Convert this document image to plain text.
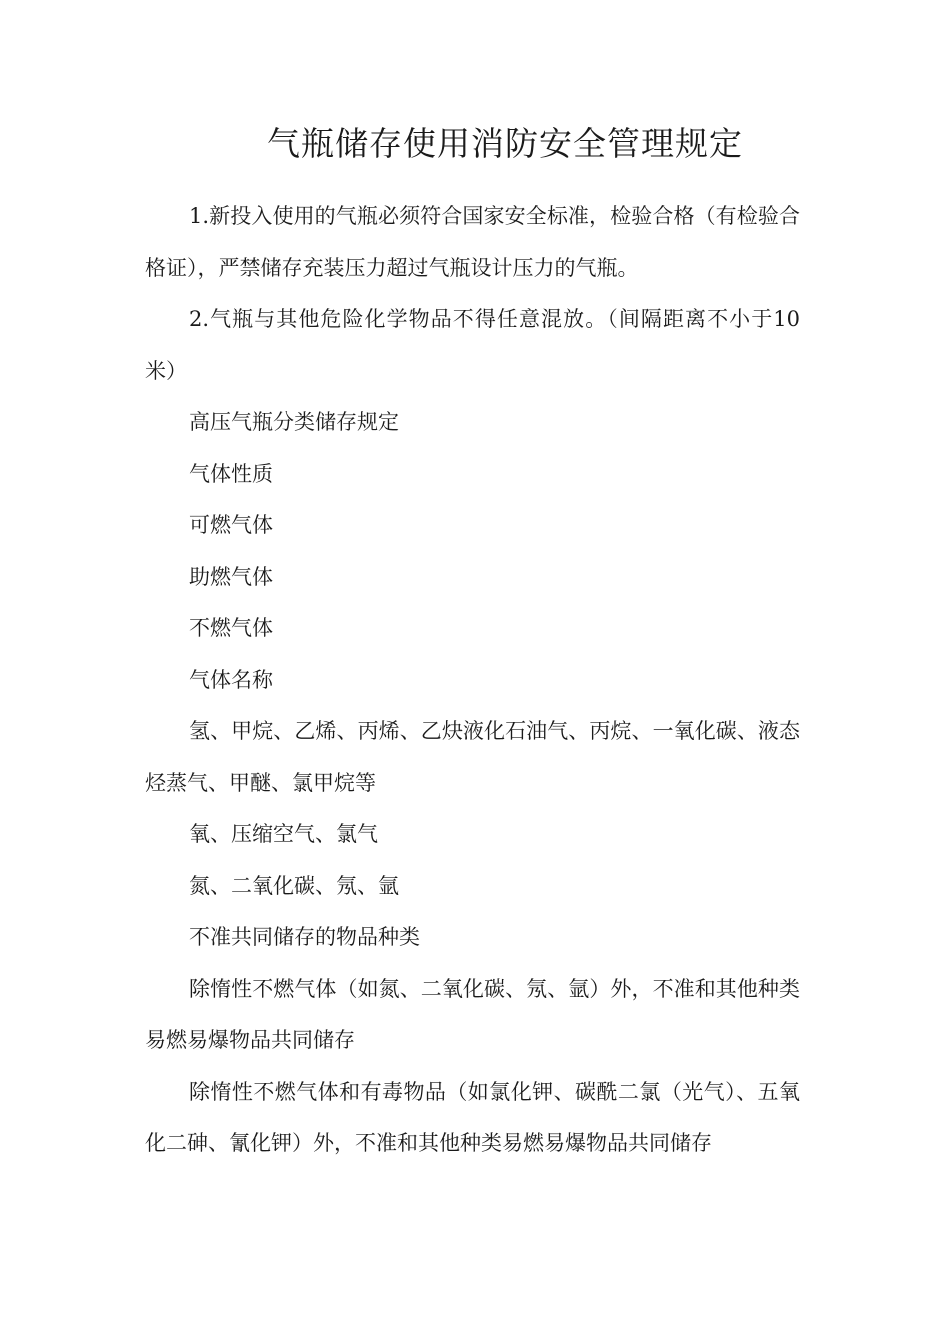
气瓶储存使用消防安全管理规定

1.新投入使用的气瓶必须符合国家安全标准，检验合格（有检验合格证），严禁储存充装压力超过气瓶设计压力的气瓶。

2.气瓶与其他危险化学物品不得任意混放。（间隔距离不小于10米）

高压气瓶分类储存规定

气体性质

可燃气体

助燃气体

不燃气体

气体名称

氢、甲烷、乙烯、丙烯、乙炔液化石油气、丙烷、一氧化碳、液态烃蒸气、甲醚、氯甲烷等

氧、压缩空气、氯气

氮、二氧化碳、氖、氩

不准共同储存的物品种类

除惰性不燃气体（如氮、二氧化碳、氖、氩）外，不准和其他种类易燃易爆物品共同储存

除惰性不燃气体和有毒物品（如氯化钾、碳酰二氯（光气）、五氧化二砷、氰化钾）外，不准和其他种类易燃易爆物品共同储存
